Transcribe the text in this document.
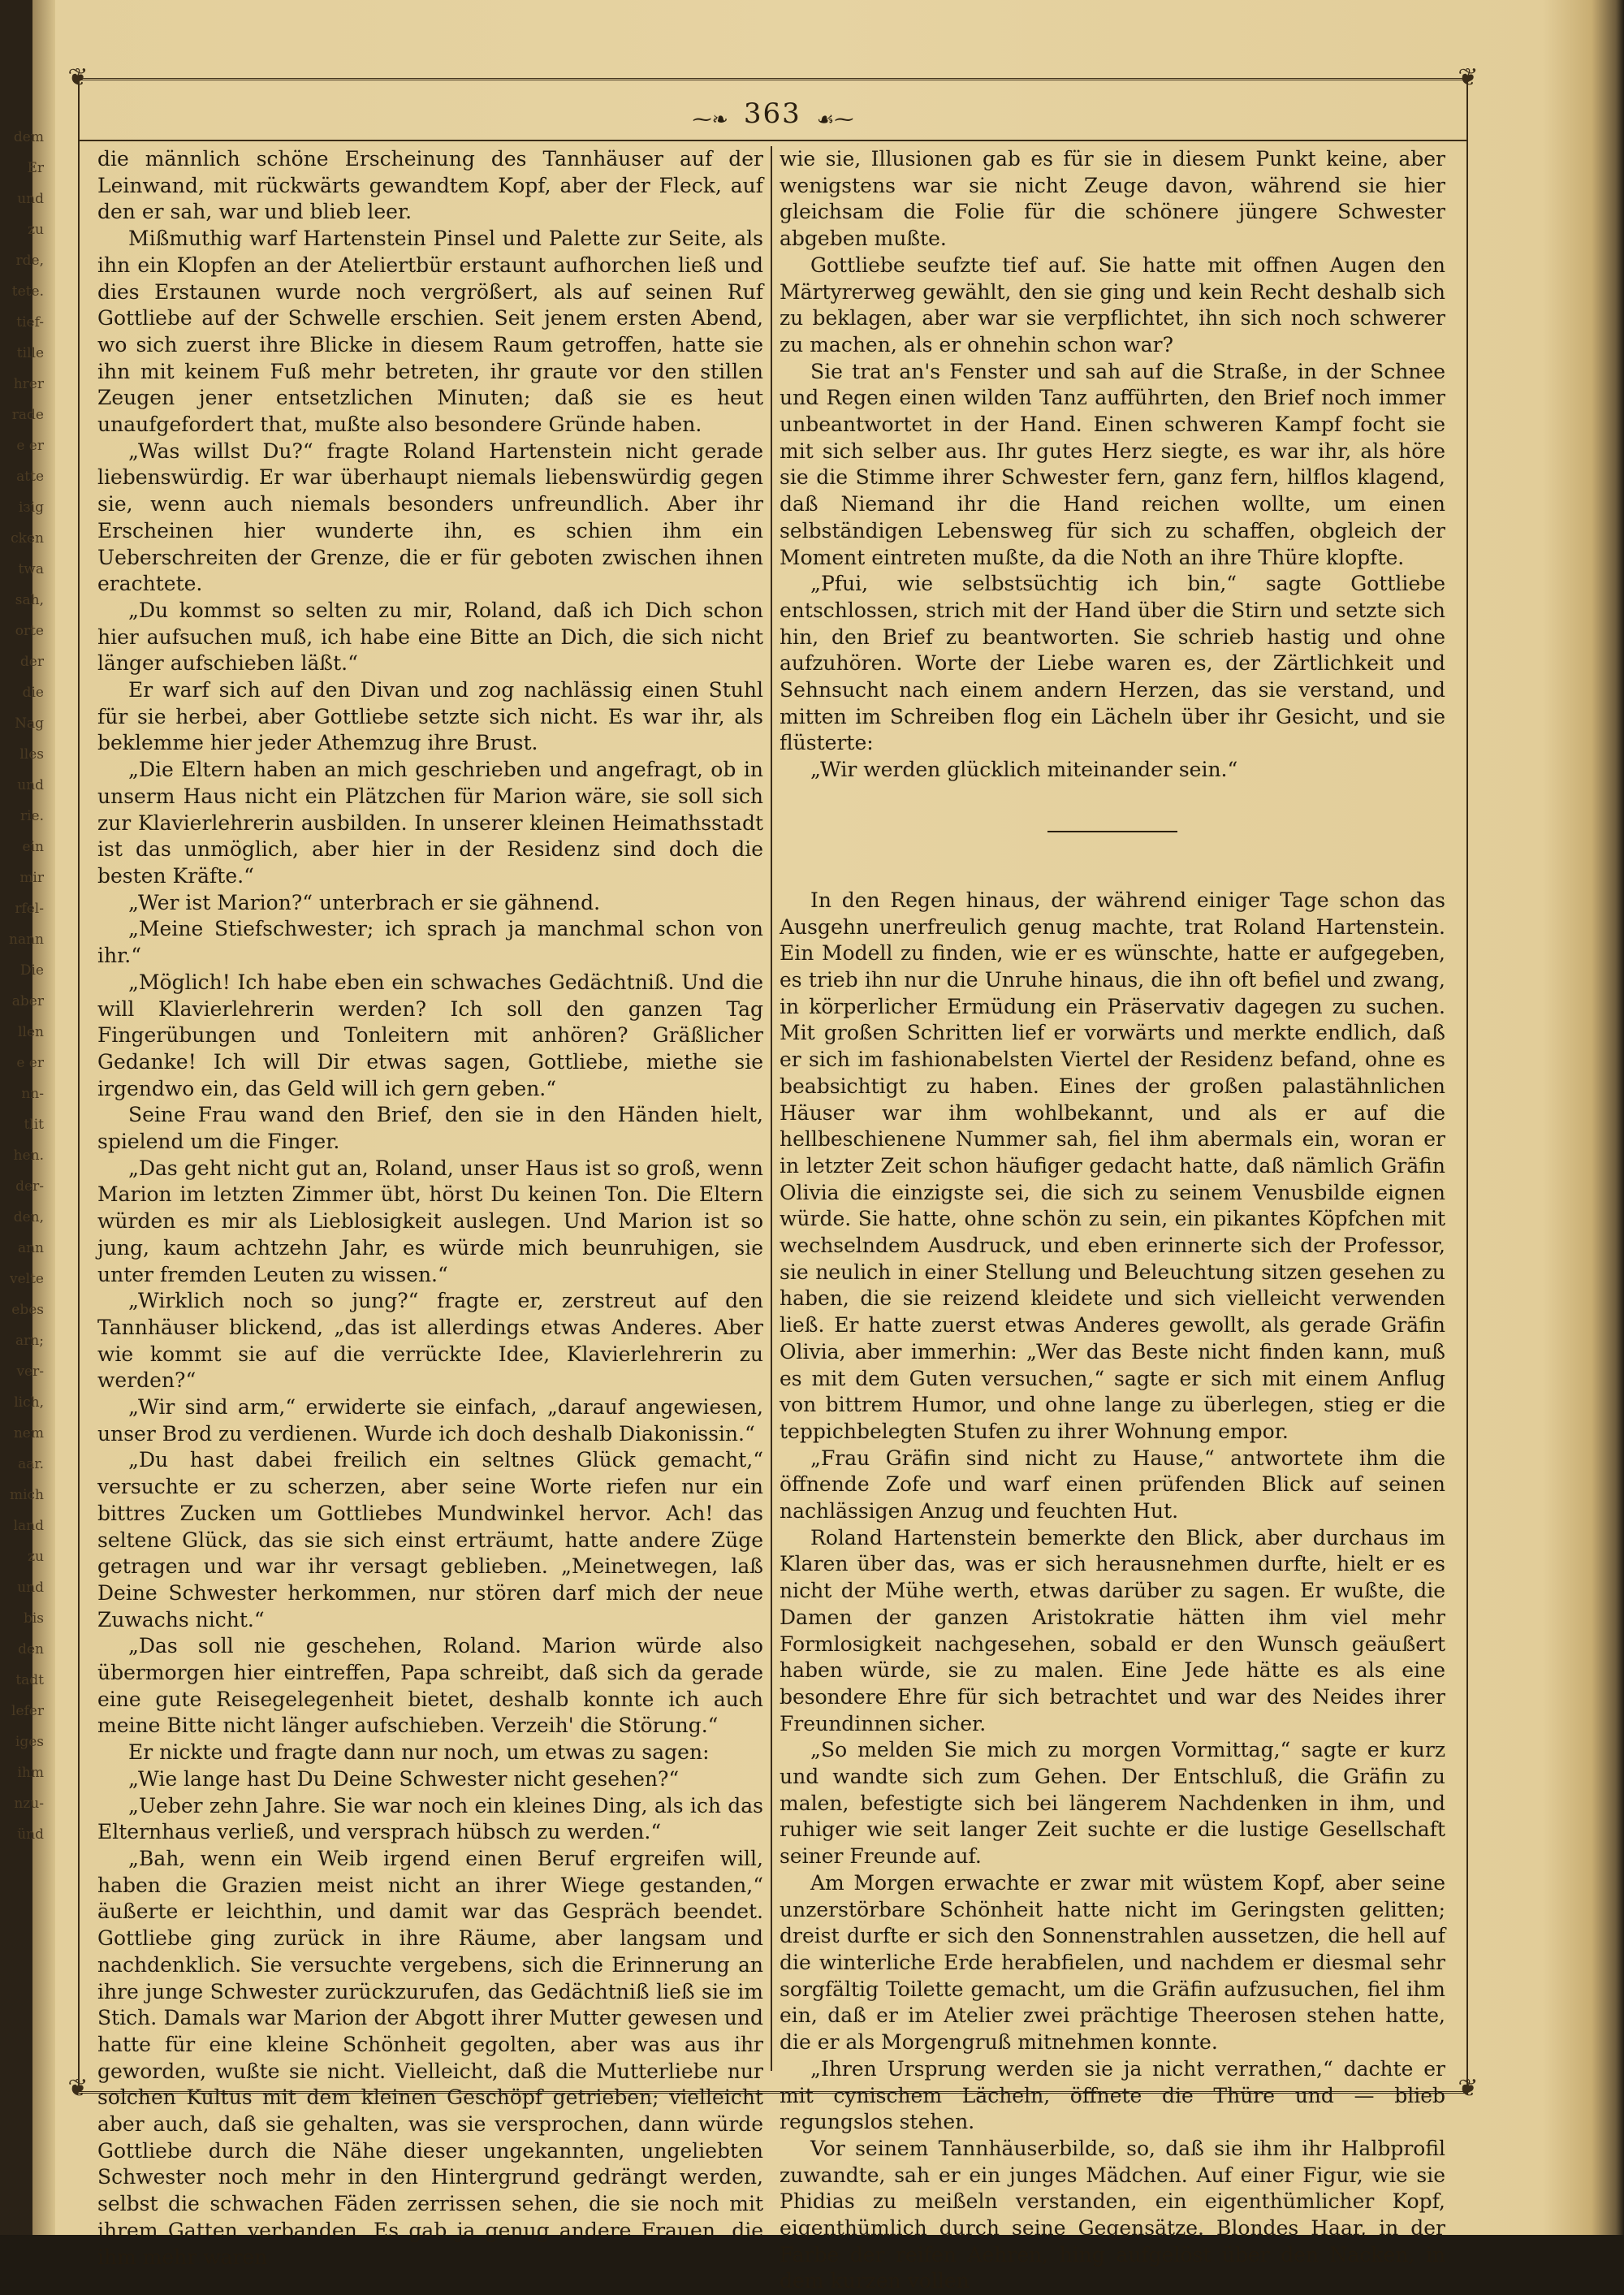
dem
Er
und
zu
rde,
tete.
tief-
tille
hrer
rade
e er
atte
iзig
cken
twa
sah,
orte
der
die
Nag
lles
und
rie.
ein
mir
rfel-
nann
Die
aber
llen
e er
nn-
tlit
hen.
der-
den,
ann
velte
ebes
arn;
ver-
lich,
nem
aar.
mich
land
zu
und
bis
den
tadt
lefer
iges
ihm
nzu-
ünd
❦	❦
❦	❦
⁓❧ 363 ☙⁓

die männlich schöne Erscheinung des Tannhäuser auf der Leinwand, mit rückwärts gewandtem Kopf, aber der Fleck, auf den er sah, war und blieb leer.

Mißmuthig warf Hartenstein Pinsel und Palette zur Seite, als ihn ein Klopfen an der Ateliertbür erstaunt aufhorchen ließ und dies Erstaunen wurde noch vergrößert, als auf seinen Ruf Gottliebe auf der Schwelle erschien. Seit jenem ersten Abend, wo sich zuerst ihre Blicke in diesem Raum getroffen, hatte sie ihn mit keinem Fuß mehr betreten, ihr graute vor den stillen Zeugen jener entsetzlichen Minuten; daß sie es heut unaufgefordert that, mußte also besondere Gründe haben.

„Was willst Du?“ fragte Roland Hartenstein nicht gerade liebenswürdig. Er war überhaupt niemals liebenswürdig gegen sie, wenn auch niemals besonders unfreundlich. Aber ihr Erscheinen hier wunderte ihn, es schien ihm ein Ueberschreiten der Grenze, die er für geboten zwischen ihnen erachtete.

„Du kommst so selten zu mir, Roland, daß ich Dich schon hier aufsuchen muß, ich habe eine Bitte an Dich, die sich nicht länger aufschieben läßt.“

Er warf sich auf den Divan und zog nachlässig einen Stuhl für sie herbei, aber Gottliebe setzte sich nicht. Es war ihr, als beklemme hier jeder Athemzug ihre Brust.

„Die Eltern haben an mich geschrieben und angefragt, ob in unserm Haus nicht ein Plätzchen für Marion wäre, sie soll sich zur Klavierlehrerin ausbilden. In unserer kleinen Heimathsstadt ist das unmöglich, aber hier in der Residenz sind doch die besten Kräfte.“

„Wer ist Marion?“ unterbrach er sie gähnend.

„Meine Stiefschwester; ich sprach ja manchmal schon von ihr.“

„Möglich! Ich habe eben ein schwaches Gedächtniß. Und die will Klavierlehrerin werden? Ich soll den ganzen Tag Fingerübungen und Tonleitern mit anhören? Gräßlicher Gedanke! Ich will Dir etwas sagen, Gottliebe, miethe sie irgendwo ein, das Geld will ich gern geben.“

Seine Frau wand den Brief, den sie in den Händen hielt, spielend um die Finger.

„Das geht nicht gut an, Roland, unser Haus ist so groß, wenn Marion im letzten Zimmer übt, hörst Du keinen Ton. Die Eltern würden es mir als Lieblosigkeit auslegen. Und Marion ist so jung, kaum achtzehn Jahr, es würde mich beunruhigen, sie unter fremden Leuten zu wissen.“

„Wirklich noch so jung?“ fragte er, zerstreut auf den Tannhäuser blickend, „das ist allerdings etwas Anderes. Aber wie kommt sie auf die verrückte Idee, Klavierlehrerin zu werden?“

„Wir sind arm,“ erwiderte sie einfach, „darauf angewiesen, unser Brod zu verdienen. Wurde ich doch deshalb Diakonissin.“

„Du hast dabei freilich ein seltnes Glück gemacht,“ versuchte er zu scherzen, aber seine Worte riefen nur ein bittres Zucken um Gottliebes Mundwinkel hervor. Ach! das seltene Glück, das sie sich einst erträumt, hatte andere Züge getragen und war ihr versagt geblieben. „Meinetwegen, laß Deine Schwester herkommen, nur stören darf mich der neue Zuwachs nicht.“

„Das soll nie geschehen, Roland. Marion würde also übermorgen hier eintreffen, Papa schreibt, daß sich da gerade eine gute Reisegelegenheit bietet, deshalb konnte ich auch meine Bitte nicht länger aufschieben. Verzeih' die Störung.“

Er nickte und fragte dann nur noch, um etwas zu sagen:

„Wie lange hast Du Deine Schwester nicht gesehen?“

„Ueber zehn Jahre. Sie war noch ein kleines Ding, als ich das Elternhaus verließ, und versprach hübsch zu werden.“

„Bah, wenn ein Weib irgend einen Beruf ergreifen will, haben die Grazien meist nicht an ihrer Wiege gestanden,“ äußerte er leichthin, und damit war das Gespräch beendet. Gottliebe ging zurück in ihre Räume, aber langsam und nachdenklich. Sie versuchte vergebens, sich die Erinnerung an ihre junge Schwester zurückzurufen, das Gedächtniß ließ sie im Stich. Damals war Marion der Abgott ihrer Mutter gewesen und hatte für eine kleine Schönheit gegolten, aber was aus ihr geworden, wußte sie nicht. Vielleicht, daß die Mutterliebe nur solchen Kultus mit dem kleinen Geschöpf getrieben; vielleicht aber auch, daß sie gehalten, was sie versprochen, dann würde Gottliebe durch die Nähe dieser ungekannten, ungeliebten Schwester noch mehr in den Hintergrund gedrängt werden, selbst die schwachen Fäden zerrissen sehen, die sie noch mit ihrem Gatten verbanden. Es gab ja genug andere Frauen, die ihm mehr waren

wie sie, Illusionen gab es für sie in diesem Punkt keine, aber wenigstens war sie nicht Zeuge davon, während sie hier gleichsam die Folie für die schönere jüngere Schwester abgeben mußte.

Gottliebe seufzte tief auf. Sie hatte mit offnen Augen den Märtyrerweg gewählt, den sie ging und kein Recht deshalb sich zu beklagen, aber war sie verpflichtet, ihn sich noch schwerer zu machen, als er ohnehin schon war?

Sie trat an's Fenster und sah auf die Straße, in der Schnee und Regen einen wilden Tanz aufführten, den Brief noch immer unbeantwortet in der Hand. Einen schweren Kampf focht sie mit sich selber aus. Ihr gutes Herz siegte, es war ihr, als höre sie die Stimme ihrer Schwester fern, ganz fern, hilflos klagend, daß Niemand ihr die Hand reichen wollte, um einen selbständigen Lebensweg für sich zu schaffen, obgleich der Moment eintreten mußte, da die Noth an ihre Thüre klopfte.

„Pfui, wie selbstsüchtig ich bin,“ sagte Gottliebe entschlossen, strich mit der Hand über die Stirn und setzte sich hin, den Brief zu beantworten. Sie schrieb hastig und ohne aufzuhören. Worte der Liebe waren es, der Zärtlichkeit und Sehnsucht nach einem andern Herzen, das sie verstand, und mitten im Schreiben flog ein Lächeln über ihr Gesicht, und sie flüsterte:

„Wir werden glücklich miteinander sein.“

In den Regen hinaus, der während einiger Tage schon das Ausgehn unerfreulich genug machte, trat Roland Hartenstein. Ein Modell zu finden, wie er es wünschte, hatte er aufgegeben, es trieb ihn nur die Unruhe hinaus, die ihn oft befiel und zwang, in körperlicher Ermüdung ein Präservativ dagegen zu suchen. Mit großen Schritten lief er vorwärts und merkte endlich, daß er sich im fashionabelsten Viertel der Residenz befand, ohne es beabsichtigt zu haben. Eines der großen palastähnlichen Häuser war ihm wohlbekannt, und als er auf die hellbeschienene Nummer sah, fiel ihm abermals ein, woran er in letzter Zeit schon häufiger gedacht hatte, daß nämlich Gräfin Olivia die einzigste sei, die sich zu seinem Venusbilde eignen würde. Sie hatte, ohne schön zu sein, ein pikantes Köpfchen mit wechselndem Ausdruck, und eben erinnerte sich der Professor, sie neulich in einer Stellung und Beleuchtung sitzen gesehen zu haben, die sie reizend kleidete und sich vielleicht verwenden ließ. Er hatte zuerst etwas Anderes gewollt, als gerade Gräfin Olivia, aber immerhin: „Wer das Beste nicht finden kann, muß es mit dem Guten versuchen,“ sagte er sich mit einem Anflug von bittrem Humor, und ohne lange zu überlegen, stieg er die teppichbelegten Stufen zu ihrer Wohnung empor.

„Frau Gräfin sind nicht zu Hause,“ antwortete ihm die öffnende Zofe und warf einen prüfenden Blick auf seinen nachlässigen Anzug und feuchten Hut.

Roland Hartenstein bemerkte den Blick, aber durchaus im Klaren über das, was er sich herausnehmen durfte, hielt er es nicht der Mühe werth, etwas darüber zu sagen. Er wußte, die Damen der ganzen Aristokratie hätten ihm viel mehr Formlosigkeit nachgesehen, sobald er den Wunsch geäußert haben würde, sie zu malen. Eine Jede hätte es als eine besondere Ehre für sich betrachtet und war des Neides ihrer Freundinnen sicher.

„So melden Sie mich zu morgen Vormittag,“ sagte er kurz und wandte sich zum Gehen. Der Entschluß, die Gräfin zu malen, befestigte sich bei längerem Nachdenken in ihm, und ruhiger wie seit langer Zeit suchte er die lustige Gesellschaft seiner Freunde auf.

Am Morgen erwachte er zwar mit wüstem Kopf, aber seine unzerstörbare Schönheit hatte nicht im Geringsten gelitten; dreist durfte er sich den Sonnenstrahlen aussetzen, die hell auf die winterliche Erde herabfielen, und nachdem er diesmal sehr sorgfältig Toilette gemacht, um die Gräfin aufzusuchen, fiel ihm ein, daß er im Atelier zwei prächtige Theerosen stehen hatte, die er als Morgengruß mitnehmen konnte.

„Ihren Ursprung werden sie ja nicht verrathen,“ dachte er mit cynischem Lächeln, öffnete die Thüre und — blieb regungslos stehen.

Vor seinem Tannhäuserbilde, so, daß sie ihm ihr Halbprofil zuwandte, sah er ein junges Mädchen. Auf einer Figur, wie sie Phidias zu meißeln verstanden, ein eigenthümlicher Kopf, eigenthümlich durch seine Gegensätze. Blondes Haar, in der Farbe der reifen Aehren, hing aufgelöst über den Nacken, in dem kurzen vollen
